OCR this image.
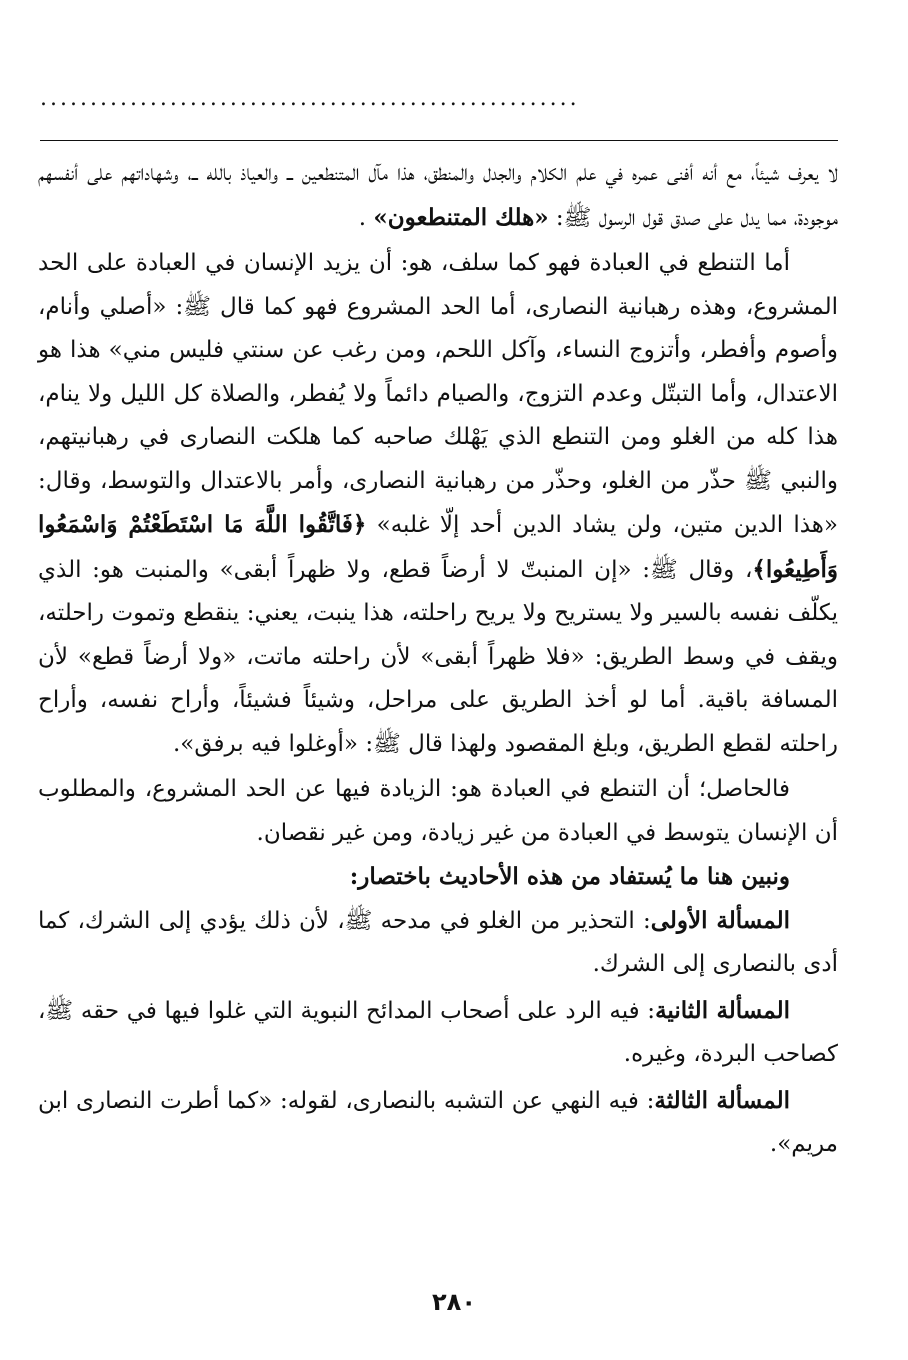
......................................................

لا يعرف شيئاً، مع أنه أفنى عمره في علم الكلام والجدل والمنطق، هذا مآل المتنطعين ــ والعياذ بالله ــ، وشهاداتهم على أنفسهم موجودة، مما يدل على صدق قول الرسول ﷺ: «هلك المتنطعون» .

أما التنطع في العبادة فهو كما سلف، هو: أن يزيد الإنسان في العبادة على الحد المشروع، وهذه رهبانية النصارى، أما الحد المشروع فهو كما قال ﷺ: «أصلي وأنام، وأصوم وأفطر، وأتزوج النساء، وآكل اللحم، ومن رغب عن سنتي فليس مني» هذا هو الاعتدال، وأما التبتّل وعدم التزوج، والصيام دائماً ولا يُفطر، والصلاة كل الليل ولا ينام، هذا كله من الغلو ومن التنطع الذي يَهْلك صاحبه كما هلكت النصارى في رهبانيتهم، والنبي ﷺ حذّر من الغلو، وحذّر من رهبانية النصارى، وأمر بالاعتدال والتوسط، وقال: «هذا الدين متين، ولن يشاد الدين أحد إلّا غلبه» ﴿فَاتَّقُوا اللَّهَ مَا اسْتَطَعْتُمْ وَاسْمَعُوا وَأَطِيعُوا﴾، وقال ﷺ: «إن المنبتّ لا أرضاً قطع، ولا ظهراً أبقى» والمنبت هو: الذي يكلّف نفسه بالسير ولا يستريح ولا يريح راحلته، هذا ينبت، يعني: ينقطع وتموت راحلته، ويقف في وسط الطريق: «فلا ظهراً أبقى» لأن راحلته ماتت، «ولا أرضاً قطع» لأن المسافة باقية. أما لو أخذ الطريق على مراحل، وشيئاً فشيئاً، وأراح نفسه، وأراح راحلته لقطع الطريق، وبلغ المقصود ولهذا قال ﷺ: «أوغلوا فيه برفق».

فالحاصل؛ أن التنطع في العبادة هو: الزيادة فيها عن الحد المشروع، والمطلوب أن الإنسان يتوسط في العبادة من غير زيادة، ومن غير نقصان.

ونبين هنا ما يُستفاد من هذه الأحاديث باختصار:

المسألة الأولى: التحذير من الغلو في مدحه ﷺ، لأن ذلك يؤدي إلى الشرك، كما أدى بالنصارى إلى الشرك.

المسألة الثانية: فيه الرد على أصحاب المدائح النبوية التي غلوا فيها في حقه ﷺ، كصاحب البردة، وغيره.

المسألة الثالثة: فيه النهي عن التشبه بالنصارى، لقوله: «كما أطرت النصارى ابن مريم».

٢٨٠
